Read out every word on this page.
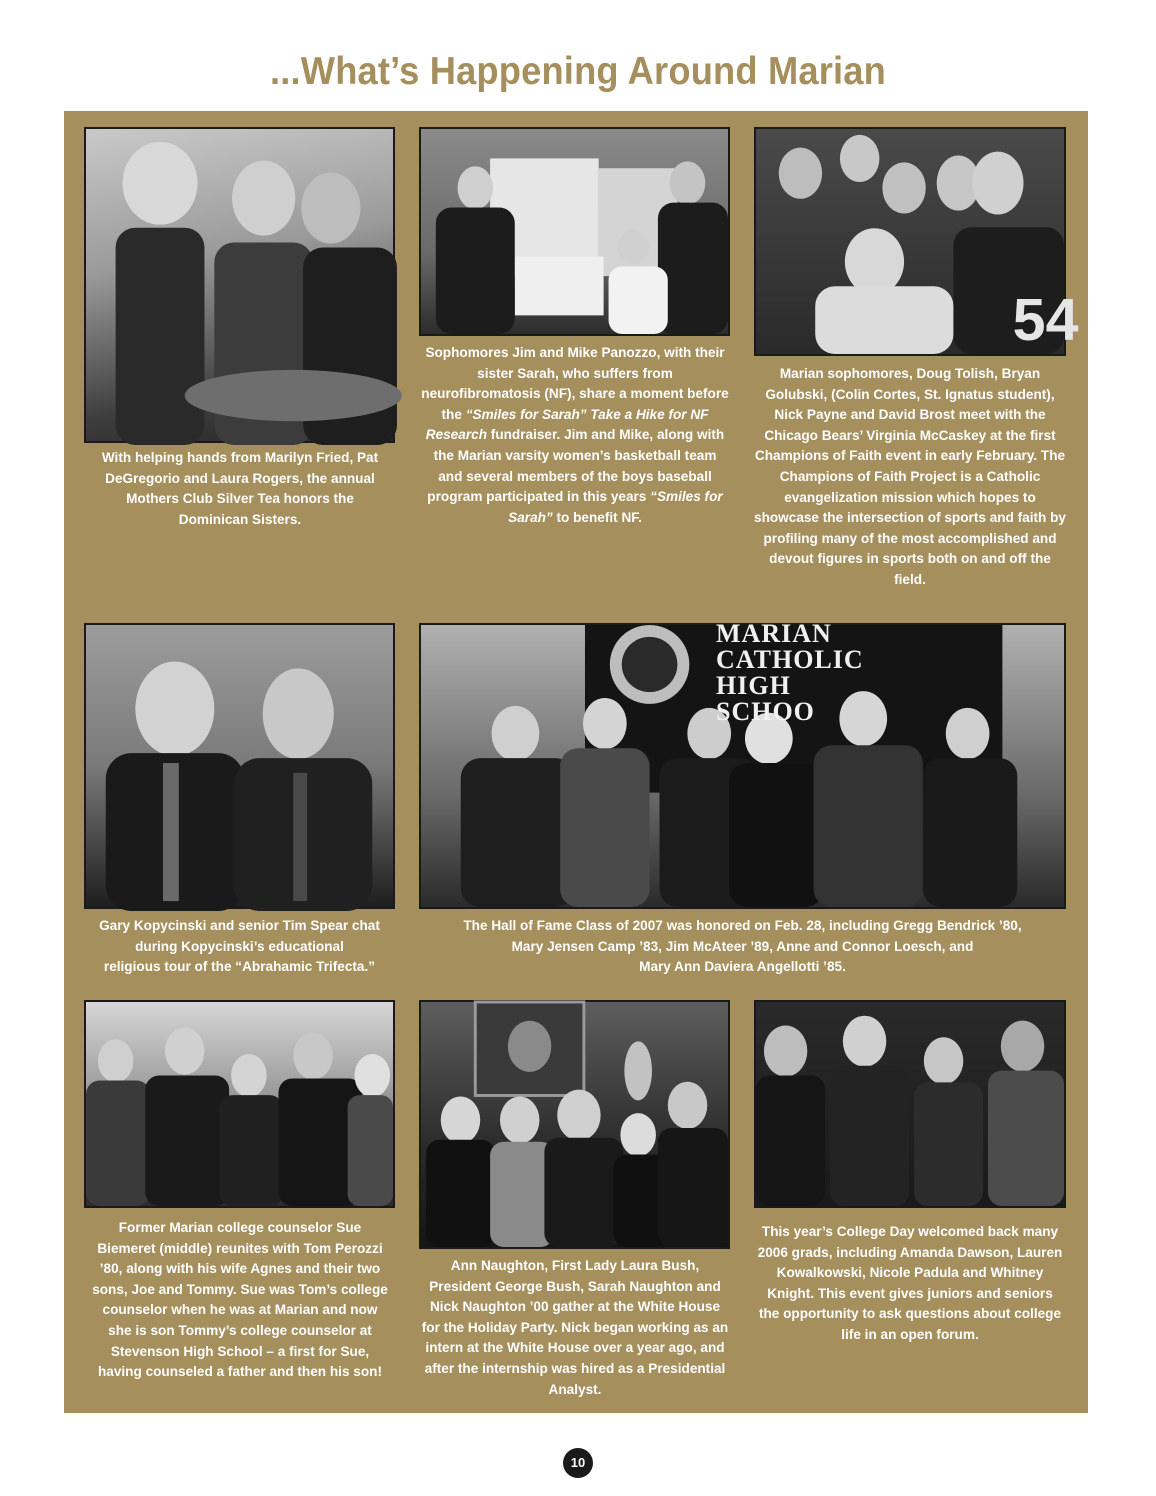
...What’s Happening Around Marian
With helping hands from Marilyn Fried, Pat DeGregorio and Laura Rogers, the annual Mothers Club Silver Tea honors the Dominican Sisters.
Sophomores Jim and Mike Panozzo, with their sister Sarah, who suffers from neurofibromatosis (NF), share a moment before the “Smiles for Sarah” Take a Hike for NF Research fundraiser. Jim and Mike, along with the Marian varsity women’s basketball team and several members of the boys baseball program participated in this years “Smiles for Sarah” to benefit NF.
54
Marian sophomores, Doug Tolish, Bryan Golubski, (Colin Cortes, St. Ignatus student), Nick Payne and David Brost meet with the Chicago Bears’ Virginia McCaskey at the first Champions of Faith event in early February. The Champions of Faith Project is a Catholic evangelization mission which hopes to showcase the intersection of sports and faith by profiling many of the most accomplished and devout figures in sports both on and off the field.
Gary Kopycinski and senior Tim Spear chat
during Kopycinski’s educational
religious tour of the “Abrahamic Trifecta.”
MARIAN
CATHOLIC
HIGH
SCHOO
The Hall of Fame Class of 2007 was honored on Feb. 28, including Gregg Bendrick ’80,
Mary Jensen Camp ’83, Jim McAteer ’89, Anne and Connor Loesch, and
Mary Ann Daviera Angellotti ’85.
Former Marian college counselor Sue Biemeret (middle) reunites with Tom Perozzi ’80, along with his wife Agnes and their two sons, Joe and Tommy. Sue was Tom’s college counselor when he was at Marian and now she is son Tommy’s college counselor at Stevenson High School – a first for Sue, having counseled a father and then his son!
Ann Naughton, First Lady Laura Bush, President George Bush, Sarah Naughton and Nick Naughton ’00 gather at the White House for the Holiday Party. Nick began working as an intern at the White House over a year ago, and after the internship was hired as a Presidential Analyst.
This year’s College Day welcomed back many 2006 grads, including Amanda Dawson, Lauren Kowalkowski, Nicole Padula and Whitney Knight. This event gives juniors and seniors the opportunity to ask questions about college life in an open forum.
10
